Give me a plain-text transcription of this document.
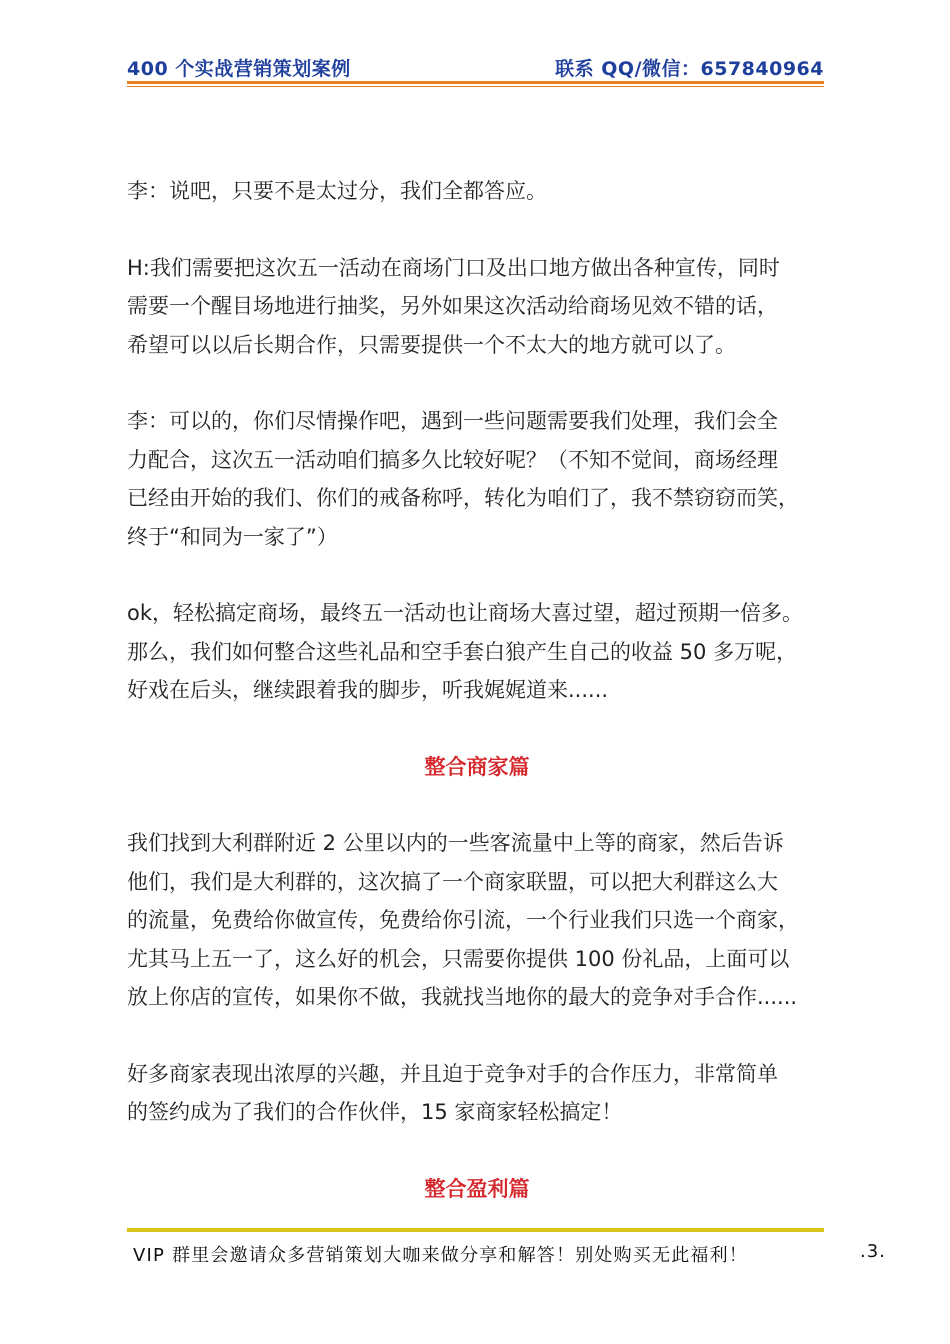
400 个实战营销策划案例	联系 QQ/微信：657840964

李：说吧，只要不是太过分，我们全都答应。

H:我们需要把这次五一活动在商场门口及出口地方做出各种宣传，同时
需要一个醒目场地进行抽奖，另外如果这次活动给商场见效不错的话，
希望可以以后长期合作，只需要提供一个不太大的地方就可以了。

李：可以的，你们尽情操作吧，遇到一些问题需要我们处理，我们会全
力配合，这次五一活动咱们搞多久比较好呢？（不知不觉间，商场经理
已经由开始的我们、你们的戒备称呼，转化为咱们了，我不禁窃窃而笑，
终于“和同为一家了”）

ok，轻松搞定商场，最终五一活动也让商场大喜过望，超过预期一倍多。
那么，我们如何整合这些礼品和空手套白狼产生自己的收益 50 多万呢，
好戏在后头，继续跟着我的脚步，听我娓娓道来......

整合商家篇

我们找到大利群附近 2 公里以内的一些客流量中上等的商家，然后告诉
他们，我们是大利群的，这次搞了一个商家联盟，可以把大利群这么大
的流量，免费给你做宣传，免费给你引流，一个行业我们只选一个商家，
尤其马上五一了，这么好的机会，只需要你提供 100 份礼品，上面可以
放上你店的宣传，如果你不做，我就找当地你的最大的竞争对手合作......

好多商家表现出浓厚的兴趣，并且迫于竞争对手的合作压力，非常简单
的签约成为了我们的合作伙伴，15 家商家轻松搞定！

整合盈利篇
VIP 群里会邀请众多营销策划大咖来做分享和解答！别处购买无此福利！	.3.
